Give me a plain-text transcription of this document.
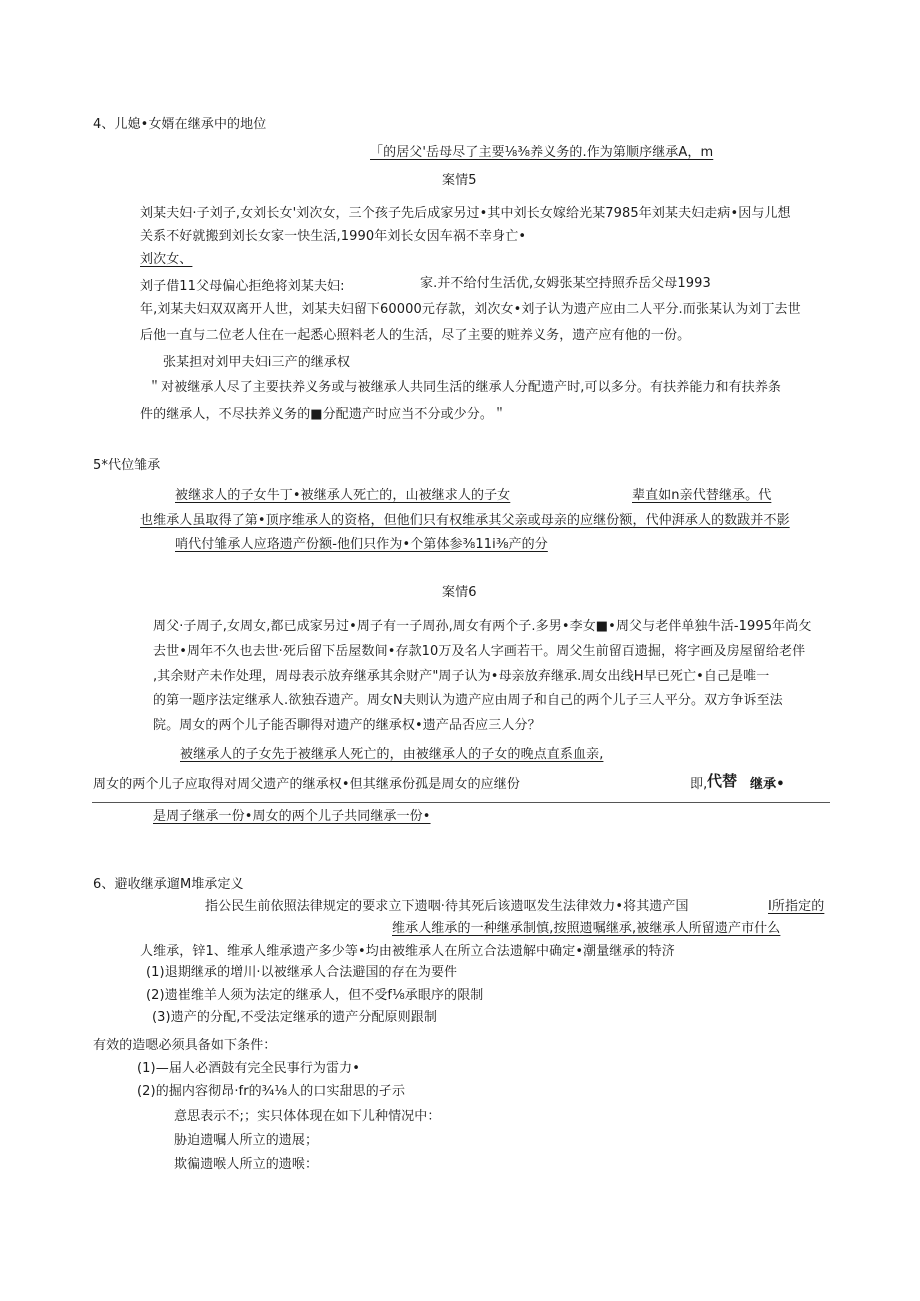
4、儿媳•女婿在继承中的地位
「的居父'岳母尽了主要⅛⅜养义务的.作为第顺序继承A，m
案情5
刘某夫妇·子刘子,女刘长女'刘次女，三个孩子先后成家另过•其中刘长女嫁给光某7985年刘某夫妇走病•因与儿想
关系不好就搬到刘长女家一快生活,1990年刘长女因车祸不幸身亡•
刘次女、
刘子借11父母偏心拒绝将刘某夫妇:	家.并不给付生活优,女姆张某空持照乔岳父母1993
年,刘某夫妇双双离开人世，刘某夫妇留下60000元存款，刘次女•刘子认为遗产应由二人平分.而张某认为刘丁去世
后他一直与二位老人住在一起悉心照料老人的生活，尽了主要的赃养义务，遗产应有他的一份。
张某担对刘甲夫妇i三产的继承权
＂对被继承人尽了主要扶养义务或与被继承人共同生活的继承人分配遗产时,可以多分。有扶养能力和有扶养条
件的继承人，不尽扶养义务的■分配遗产时应当不分或少分。＂
5*代位雏承
被继求人的子女牛丁•被继承人死亡的，山被继求人的子女	辈直如n亲代替继承。代
也维承人虽取得了第•顶序维承人的资格，但他们只有权维承其父亲或母亲的应继份额，代仲湃承人的数跋并不影
哨代付雏承人应珞遗产份额-他们只作为•个第体参⅜11i⅜产的分
案情6
周父·子周子,女周女,都已成家另过•周子有一子周孙,周女有两个子.多男•李女■•周父与老伴单独牛活-1995年尚攵
去世•周年不久也去世·死后留下岳屋数间•存款10万及名人字画若干。周父生前留百遗掘，将字画及房屋留给老伴
,其余财产未作处理，周母表示放弃继承其余财产"周子认为•母亲放弃继承.周女出线H早已死亡•自己是唯一
的第一题序法定继承人.欲独吞遗产。周女N夫则认为遗产应由周子和自己的两个儿子三人平分。双方争诉至法
院。周女的两个儿子能否聊得对遗产的继承权•遗产品否应三人分？
被继承人的子女先于被继承人死亡的，由被继承人的子女的晚点直系血亲,
周女的两个儿子应取得对周父遗产的继承权•但其继承份孤是周女的应继份	即, 代替 继承•
是周子继承一份•周女的两个儿子共同继承一份•
6、避收继承遛M堆承定义
指公民生前依照法律规定的要求立下遗咽·待其死后该遗呕发生法律效力•将其遗产国	I所指定的
维承人维承的一种继承制慎,按照遗嘱继承,被继承人所留遗产市什么
人维承，锌1、维承人维承遗产多少等•均由被维承人在所立合法遗解中确定•潮量继承的特济
(1)退期继承的增川·以被继承人合法避国的存在为要件
(2)遗崔维羊人须为法定的继承人，但不受f⅛承眼序的限制
(3)遗产的分配,不受法定继承的遗产分配原则跟制
有效的造嗯必须具备如下条件：
(1)—届人必酒鼓有完全民事行为雷力•
(2)的掘内容彻昂·fr的¾⅛人的口实甜思的孑示
意思表示不;；实只体体现在如下儿种情况中：
胁迫遗嘱人所立的遗展；
欺徧遗喉人所立的遗喉：
